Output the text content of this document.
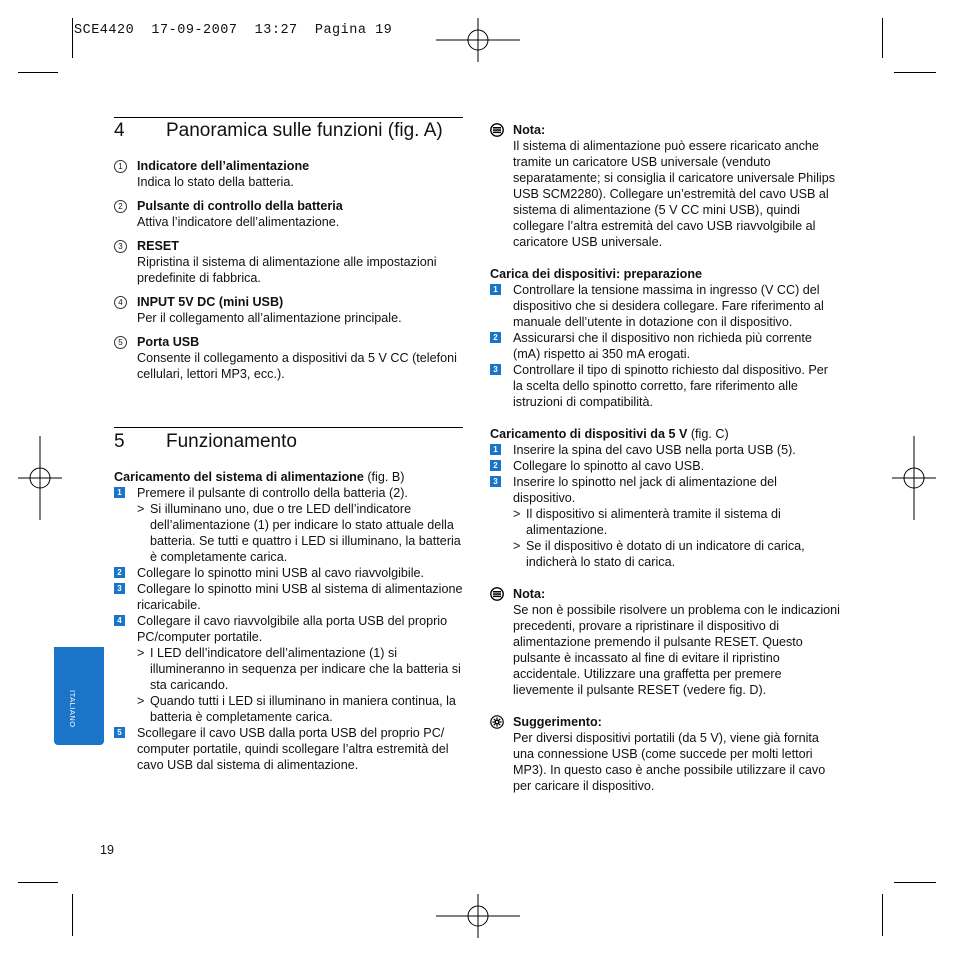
SCE4420 17-09-2007 13:27 Pagina 19
ITALIANO
4	Panoramica sulle funzioni (fig. A)
1 Indicatore dell’alimentazione
Indica lo stato della batteria.
2 Pulsante di controllo della batteria
Attiva l’indicatore dell’alimentazione.
3 RESET
Ripristina il sistema di alimentazione alle impostazioni predefinite di fabbrica.
4 INPUT 5V DC (mini USB)
Per il collegamento all’alimentazione principale.
5 Porta USB
Consente il collegamento a dispositivi da 5 V CC (telefoni cellulari, lettori MP3, ecc.).
5	Funzionamento
Caricamento del sistema di alimentazione (fig. B)
1 Premere il pulsante di controllo della batteria (2).
> Si illuminano uno, due o tre LED dell’indicatore dell’alimentazione (1) per indicare lo stato attuale della batteria. Se tutti e quattro i LED si illuminano, la batteria è completamente carica.
2 Collegare lo spinotto mini USB al cavo riavvolgibile.
3 Collegare lo spinotto mini USB al sistema di alimentazione ricaricabile.
4 Collegare il cavo riavvolgibile alla porta USB del proprio PC/computer portatile.
> I LED dell’indicatore dell’alimentazione (1) si illumineranno in sequenza per indicare che la batteria si sta caricando.
> Quando tutti i LED si illuminano in maniera continua, la batteria è completamente carica.
5 Scollegare il cavo USB dalla porta USB del proprio PC/ computer portatile, quindi scollegare l’altra estremità del cavo USB dal sistema di alimentazione.
Nota:
Il sistema di alimentazione può essere ricaricato anche tramite un caricatore USB universale (venduto separatamente; si consiglia il caricatore universale Philips USB SCM2280). Collegare un’estremità del cavo USB al sistema di alimentazione (5 V CC mini USB), quindi collegare l’altra estremità del cavo USB riavvolgibile al caricatore USB universale.
Carica dei dispositivi: preparazione
1 Controllare la tensione massima in ingresso (V CC) del dispositivo che si desidera collegare. Fare riferimento al manuale dell’utente in dotazione con il dispositivo.
2 Assicurarsi che il dispositivo non richieda più corrente (mA) rispetto ai 350 mA erogati.
3 Controllare il tipo di spinotto richiesto dal dispositivo. Per la scelta dello spinotto corretto, fare riferimento alle istruzioni di compatibilità.
Caricamento di dispositivi da 5 V (fig. C)
1 Inserire la spina del cavo USB nella porta USB (5).
2 Collegare lo spinotto al cavo USB.
3 Inserire lo spinotto nel jack di alimentazione del dispositivo.
> Il dispositivo si alimenterà tramite il sistema di alimentazione.
> Se il dispositivo è dotato di un indicatore di carica, indicherà lo stato di carica.
Nota:
Se non è possibile risolvere un problema con le indicazioni precedenti, provare a ripristinare il dispositivo di alimentazione premendo il pulsante RESET. Questo pulsante è incassato al fine di evitare il ripristino accidentale. Utilizzare una graffetta per premere lievemente il pulsante RESET (vedere fig. D).
Suggerimento:
Per diversi dispositivi portatili (da 5 V), viene già fornita una connessione USB (come succede per molti lettori MP3). In questo caso è anche possibile utilizzare il cavo per caricare il dispositivo.
19
